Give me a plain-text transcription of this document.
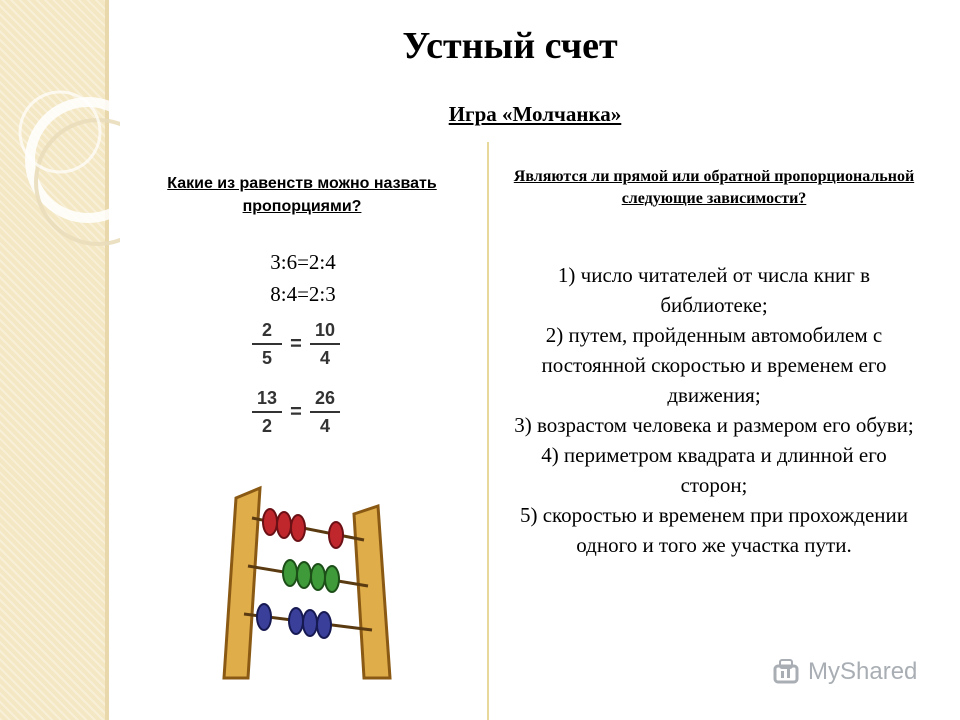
Устный счет
Игра «Молчанка»
Какие из равенств можно назвать пропорциями?
3:6=2:4
8:4=2:3
$\frac{2}{5} = \frac{10}{4}$
$\frac{13}{2} = \frac{26}{4}$
Являются ли прямой или обратной пропорциональной следующие зависимости?

1) число читателей от числа книг в библиотеке;

2) путем, пройденным автомобилем с постоянной скоростью и временем его движения;

3) возрастом человека и размером его обуви;

4) периметром квадрата и длинной его сторон;

5) скоростью и временем при прохождении одного и того же участка пути.

MyShared
